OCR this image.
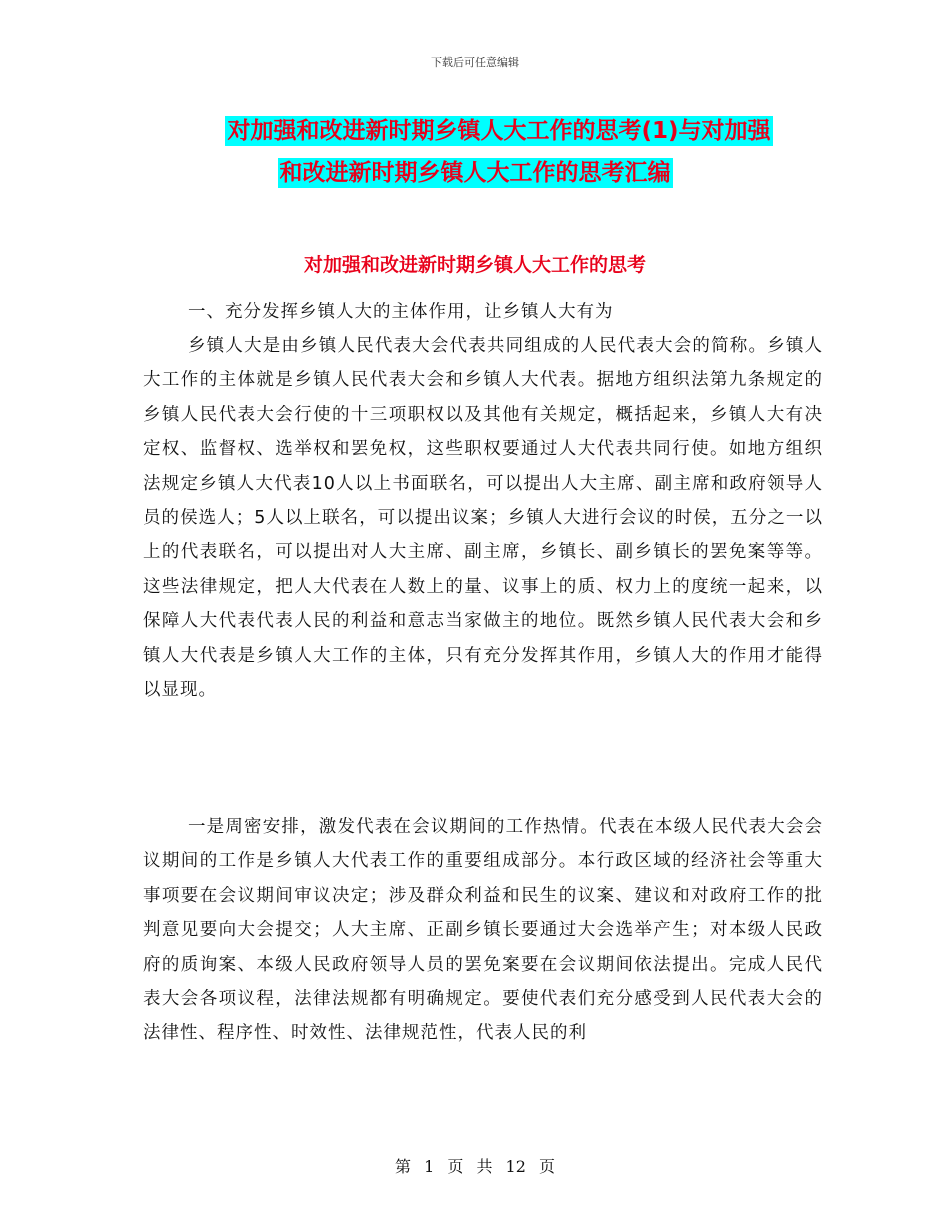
下载后可任意编辑
对加强和改进新时期乡镇人大工作的思考(1)与对加强
和改进新时期乡镇人大工作的思考汇编
对加强和改进新时期乡镇人大工作的思考
一、充分发挥乡镇人大的主体作用，让乡镇人大有为
乡镇人大是由乡镇人民代表大会代表共同组成的人民代表大会的简称。乡镇人大工作的主体就是乡镇人民代表大会和乡镇人大代表。据地方组织法第九条规定的乡镇人民代表大会行使的十三项职权以及其他有关规定，概括起来，乡镇人大有决定权、监督权、选举权和罢免权，这些职权要通过人大代表共同行使。如地方组织法规定乡镇人大代表10人以上书面联名，可以提出人大主席、副主席和政府领导人员的侯选人；5人以上联名，可以提出议案；乡镇人大进行会议的时侯，五分之一以上的代表联名，可以提出对人大主席、副主席，乡镇长、副乡镇长的罢免案等等。这些法律规定，把人大代表在人数上的量、议事上的质、权力上的度统一起来，以保障人大代表代表人民的利益和意志当家做主的地位。既然乡镇人民代表大会和乡镇人大代表是乡镇人大工作的主体，只有充分发挥其作用，乡镇人大的作用才能得以显现。
一是周密安排，激发代表在会议期间的工作热情。代表在本级人民代表大会会议期间的工作是乡镇人大代表工作的重要组成部分。本行政区域的经济社会等重大事项要在会议期间审议决定；涉及群众利益和民生的议案、建议和对政府工作的批判意见要向大会提交；人大主席、正副乡镇长要通过大会选举产生；对本级人民政府的质询案、本级人民政府领导人员的罢免案要在会议期间依法提出。完成人民代表大会各项议程，法律法规都有明确规定。要使代表们充分感受到人民代表大会的法律性、程序性、时效性、法律规范性，代表人民的利
第 1 页 共 12 页
